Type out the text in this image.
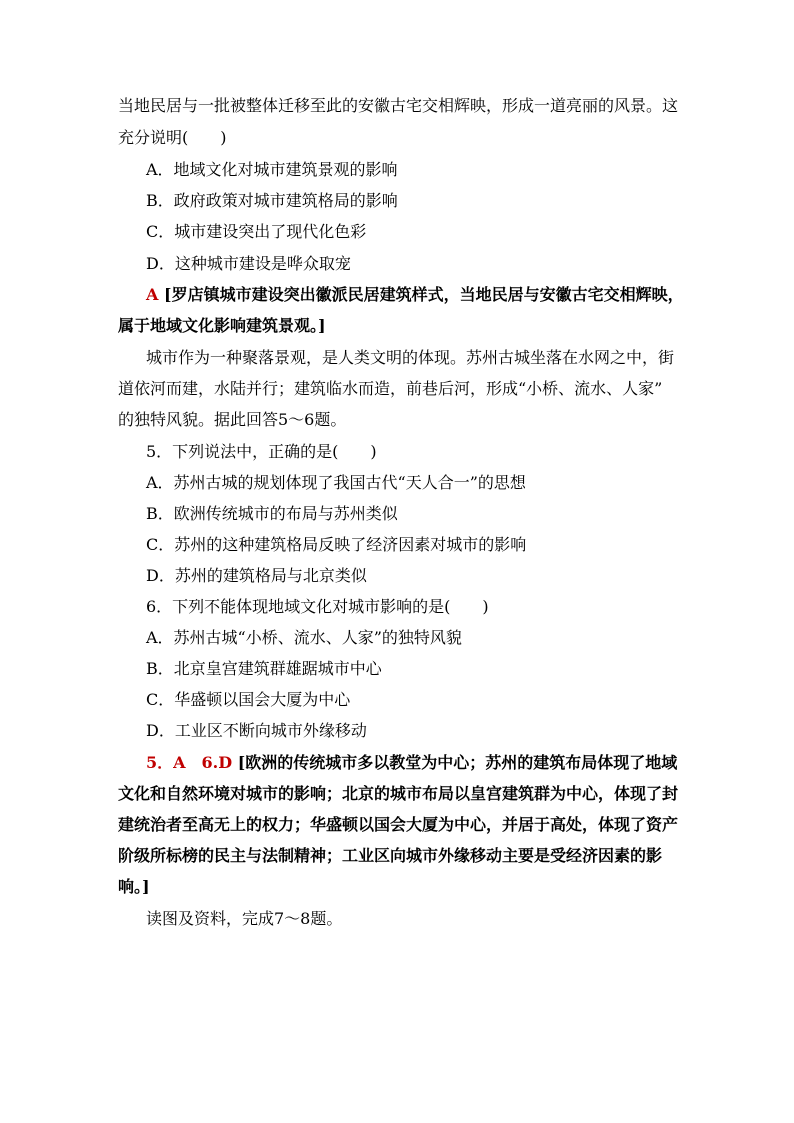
当地民居与一批被整体迁移至此的安徽古宅交相辉映，形成一道亮丽的风景。这
充分说明(　　)
A．地域文化对城市建筑景观的影响
B．政府政策对城市建筑格局的影响
C．城市建设突出了现代化色彩
D．这种城市建设是哗众取宠
A [罗店镇城市建设突出徽派民居建筑样式，当地民居与安徽古宅交相辉映，
属于地域文化影响建筑景观。]
城市作为一种聚落景观，是人类文明的体现。苏州古城坐落在水网之中，街
道依河而建，水陆并行；建筑临水而造，前巷后河，形成“小桥、流水、人家”
的独特风貌。据此回答5～6题。
5．下列说法中，正确的是(　　)
A．苏州古城的规划体现了我国古代“天人合一”的思想
B．欧洲传统城市的布局与苏州类似
C．苏州的这种建筑格局反映了经济因素对城市的影响
D．苏州的建筑格局与北京类似
6．下列不能体现地域文化对城市影响的是(　　)
A．苏州古城“小桥、流水、人家”的独特风貌
B．北京皇宫建筑群雄踞城市中心
C．华盛顿以国会大厦为中心
D．工业区不断向城市外缘移动
5．A　6.D [欧洲的传统城市多以教堂为中心；苏州的建筑布局体现了地域
文化和自然环境对城市的影响；北京的城市布局以皇宫建筑群为中心，体现了封
建统治者至高无上的权力；华盛顿以国会大厦为中心，并居于高处，体现了资产
阶级所标榜的民主与法制精神；工业区向城市外缘移动主要是受经济因素的影
响。]
读图及资料，完成7～8题。
